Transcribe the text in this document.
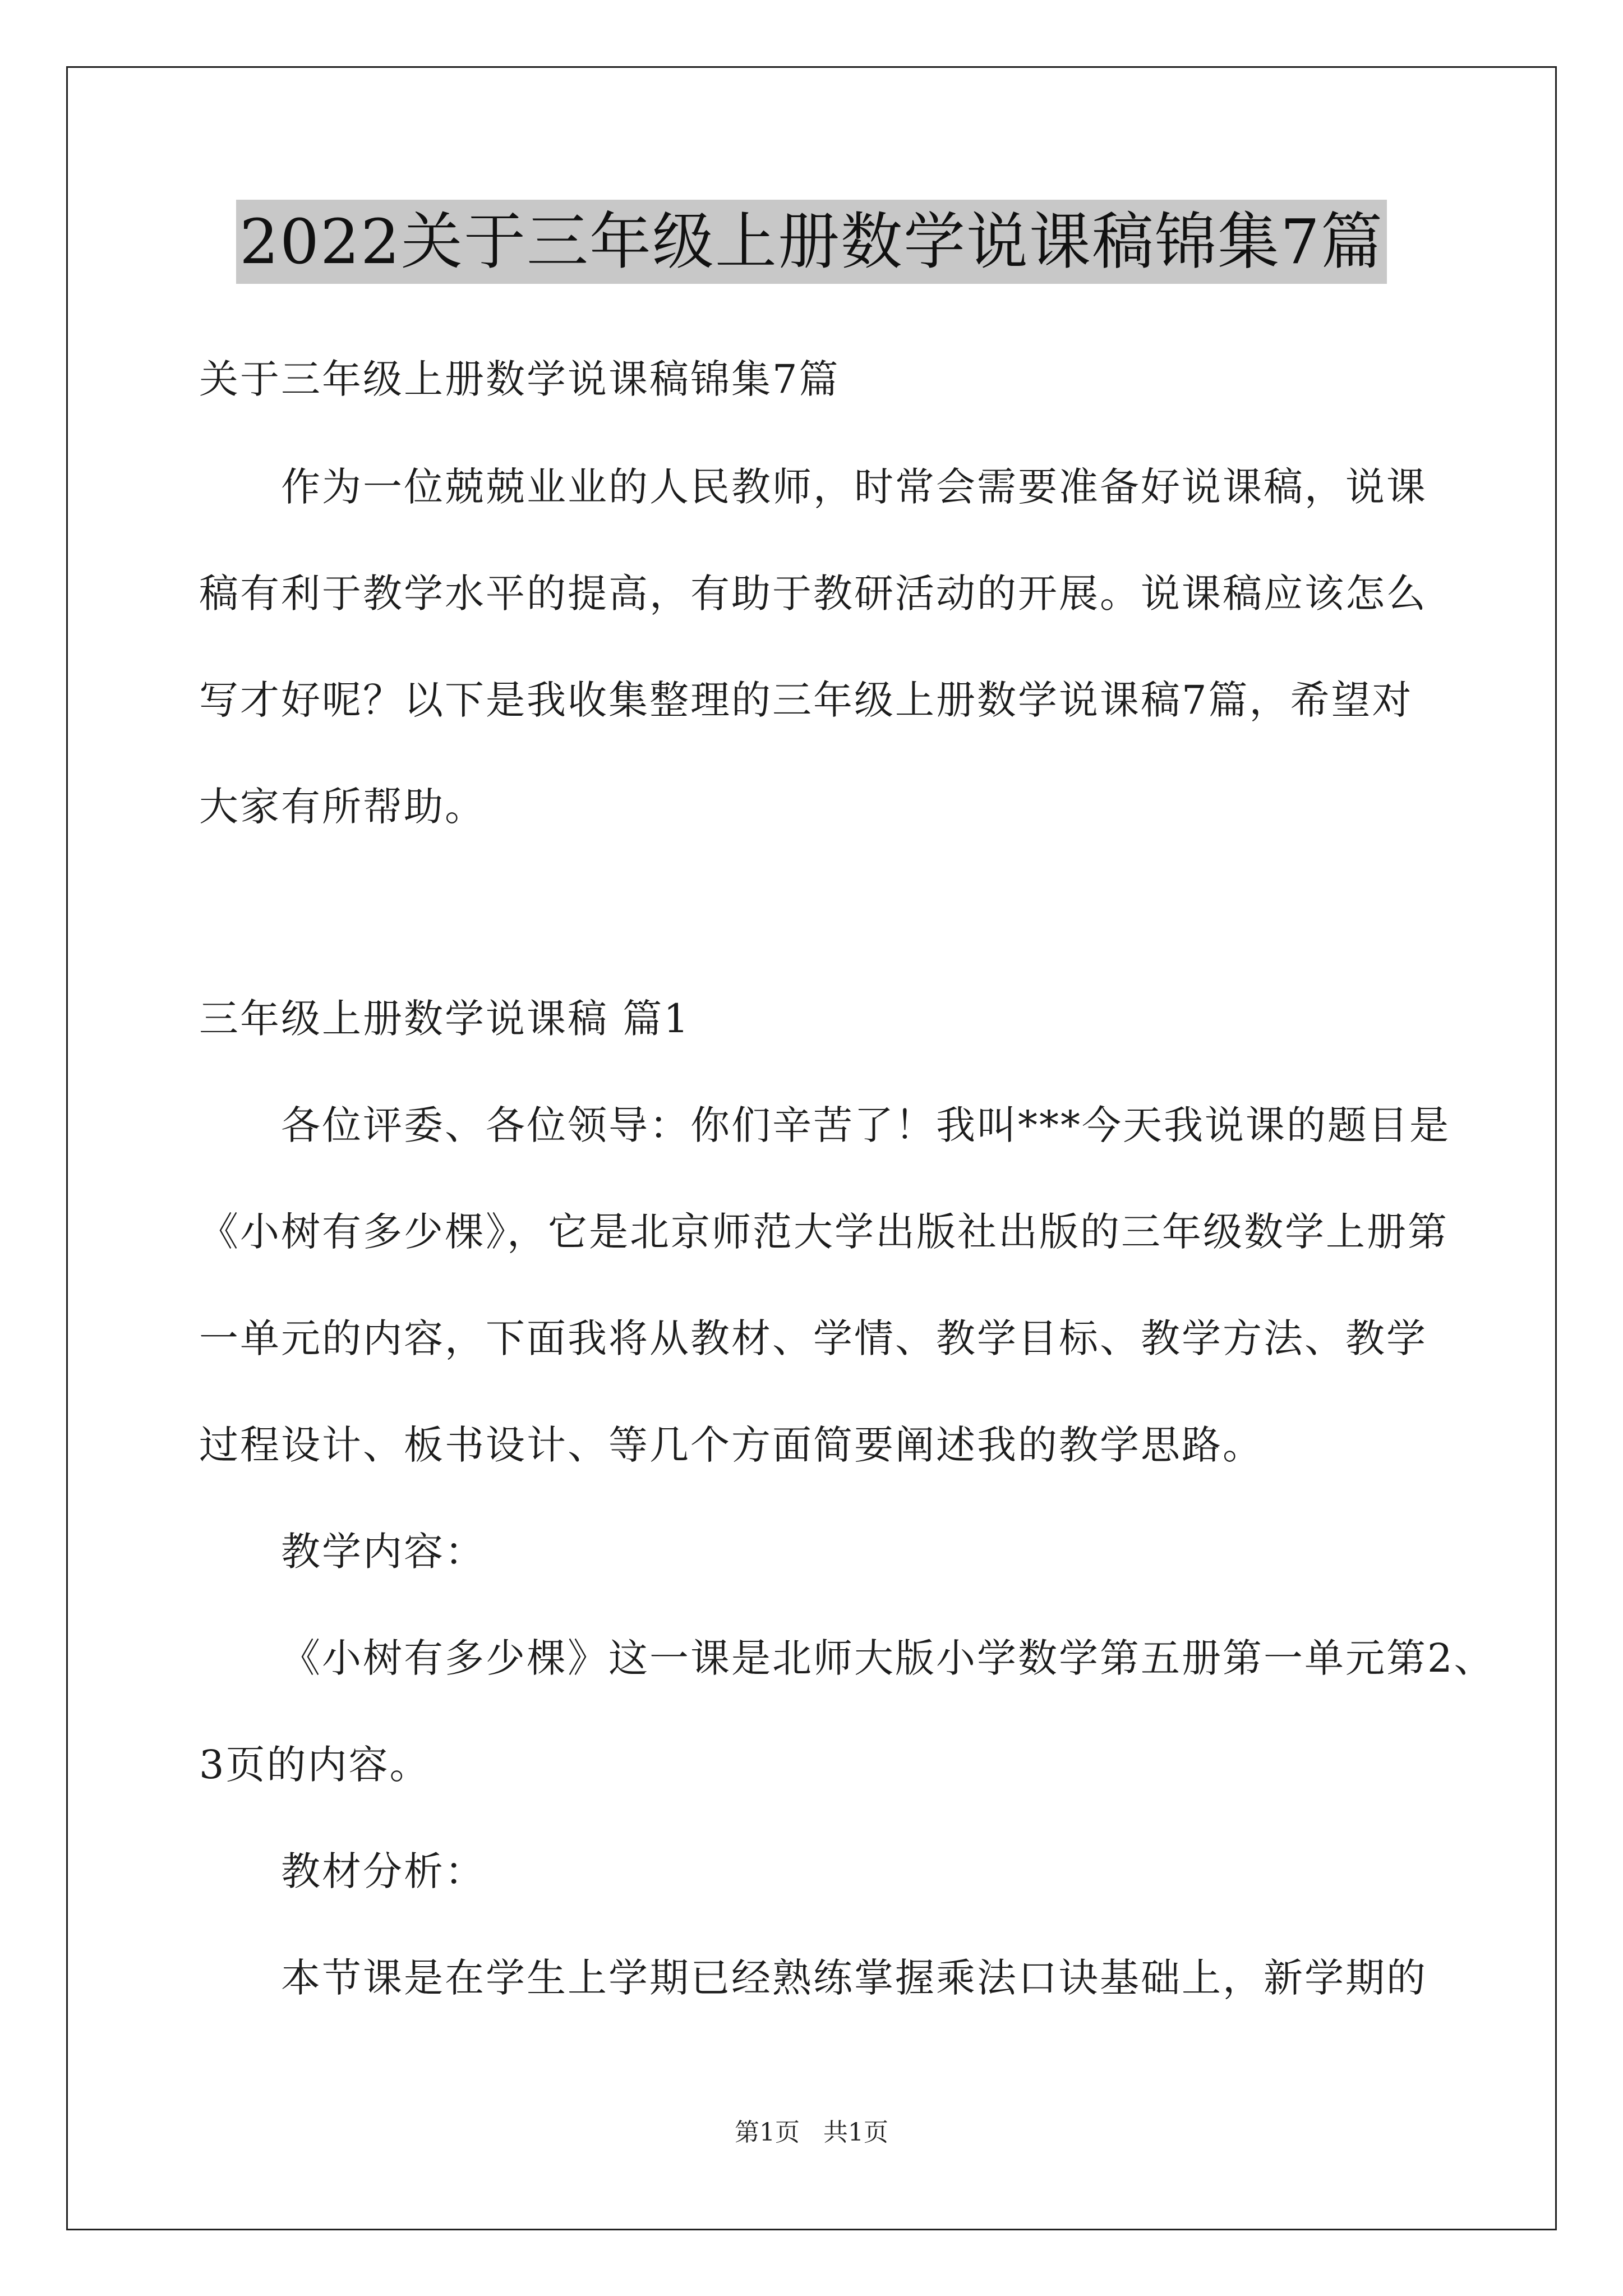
2022关于三年级上册数学说课稿锦集7篇
关于三年级上册数学说课稿锦集7篇
作为一位兢兢业业的人民教师，时常会需要准备好说课稿，说课
稿有利于教学水平的提高，有助于教研活动的开展。说课稿应该怎么
写才好呢？以下是我收集整理的三年级上册数学说课稿7篇，希望对
大家有所帮助。
三年级上册数学说课稿 篇1
各位评委、各位领导：你们辛苦了！我叫***今天我说课的题目是
《小树有多少棵》，它是北京师范大学出版社出版的三年级数学上册第
一单元的内容，下面我将从教材、学情、教学目标、教学方法、教学
过程设计、板书设计、等几个方面简要阐述我的教学思路。
教学内容：
《小树有多少棵》这一课是北师大版小学数学第五册第一单元第2、
3页的内容。
教材分析：
本节课是在学生上学期已经熟练掌握乘法口诀基础上，新学期的
第1页 共1页
